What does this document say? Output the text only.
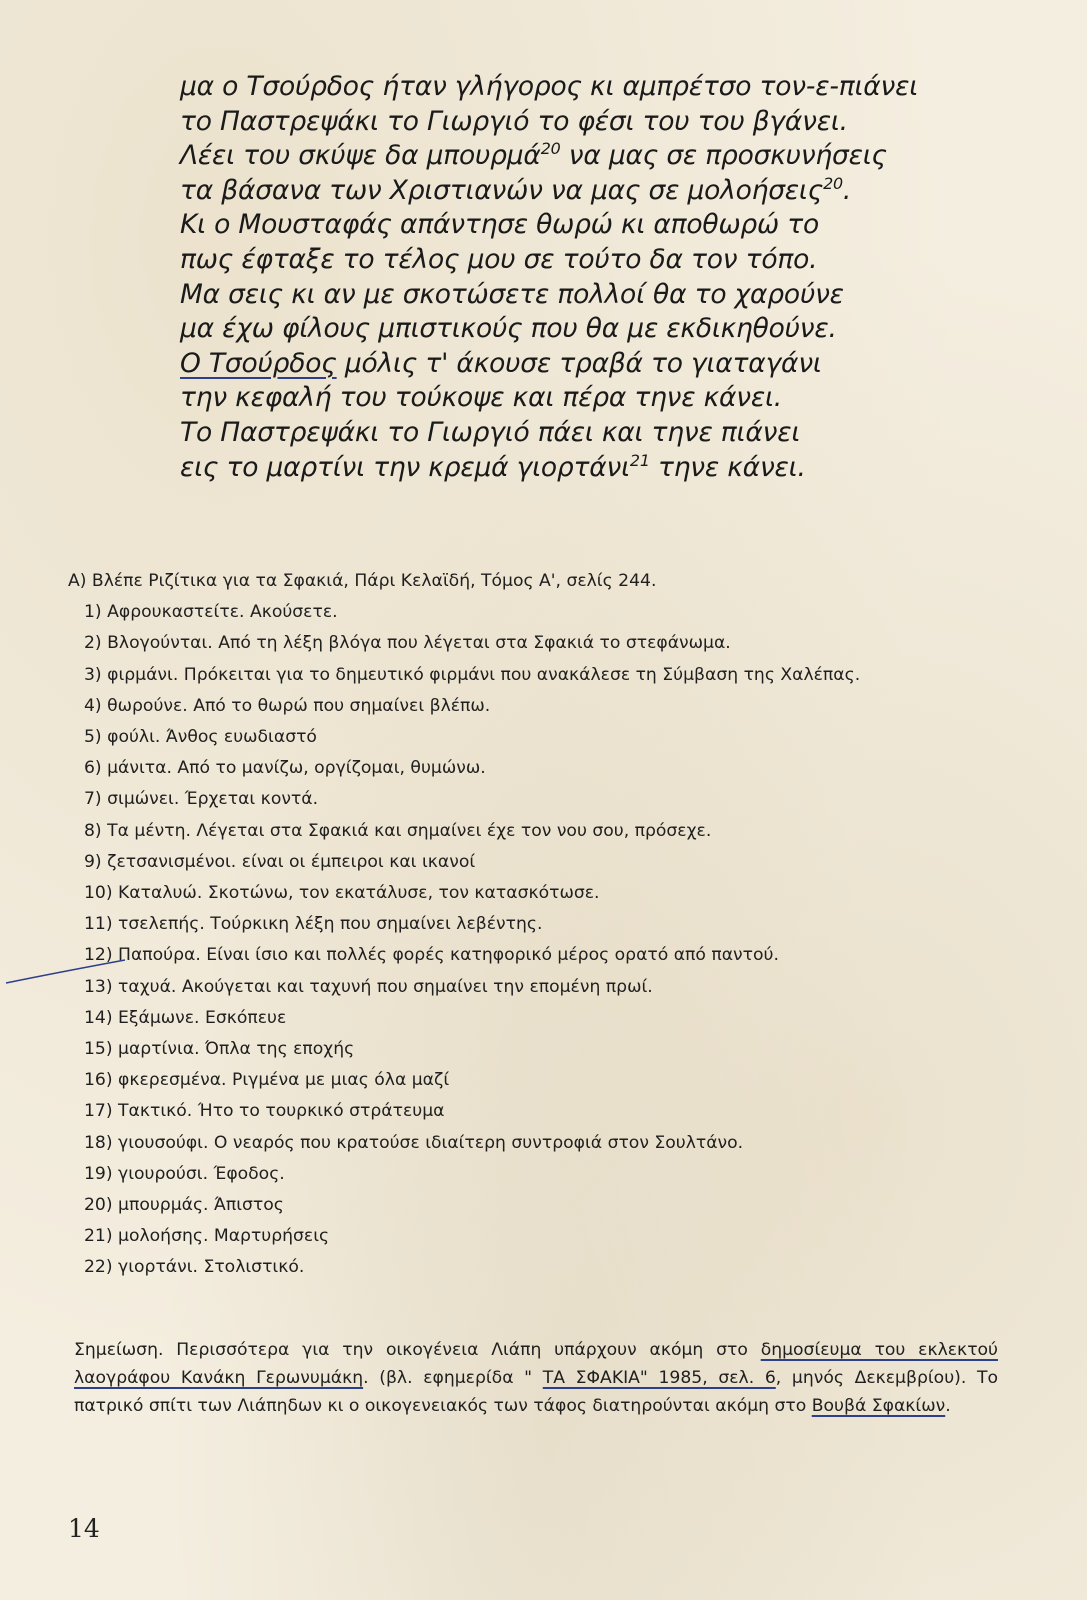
μα ο Τσούρδος ήταν γλήγορος κι αμπρέτσο τον-ε-πιάνει
το Παστρεψάκι το Γιωργιό το φέσι του του βγάνει.
Λέει του σκύψε δα μπουρμά$^{20}$ να μας σε προσκυνήσεις
τα βάσανα των Χριστιανών να μας σε μολοήσεις$^{20}$.
Κι ο Μουσταφάς απάντησε θωρώ κι αποθωρώ το
πως έφταξε το τέλος μου σε τούτο δα τον τόπο.
Μα σεις κι αν με σκοτώσετε πολλοί θα το χαρούνε
μα έχω φίλους μπιστικούς που θα με εκδικηθούνε.
Ο Τσούρδος μόλις τ' άκουσε τραβά το γιαταγάνι
την κεφαλή του τούκοψε και πέρα τηνε κάνει.
Το Παστρεψάκι το Γιωργιό πάει και τηνε πιάνει
εις το μαρτίνι την κρεμά γιορτάνι$^{21}$ τηνε κάνει.
Α) Βλέπε Ριζίτικα για τα Σφακιά, Πάρι Κελαϊδή, Τόμος Α', σελίς 244.
1) Αφρουκαστείτε. Ακούσετε.
2) Βλογούνται. Από τη λέξη βλόγα που λέγεται στα Σφακιά το στεφάνωμα.
3) φιρμάνι. Πρόκειται για το δημευτικό φιρμάνι που ανακάλεσε τη Σύμβαση της Χαλέπας.
4) θωρούνε. Από το θωρώ που σημαίνει βλέπω.
5) φούλι. Άνθος ευωδιαστό
6) μάνιτα. Από το μανίζω, οργίζομαι, θυμώνω.
7) σιμώνει. Έρχεται κοντά.
8) Τα μέντη. Λέγεται στα Σφακιά και σημαίνει έχε τον νου σου, πρόσεχε.
9) ζετσανισμένοι. είναι οι έμπειροι και ικανοί
10) Καταλυώ. Σκοτώνω, τον εκατάλυσε, τον κατασκότωσε.
11) τσελεπής. Τούρκικη λέξη που σημαίνει λεβέντης.
12) Παπούρα. Είναι ίσιο και πολλές φορές κατηφορικό μέρος ορατό από παντού.
13) ταχυά. Ακούγεται και ταχυνή που σημαίνει την επομένη πρωί.
14) Εξάμωνε. Εσκόπευε
15) μαρτίνια. Όπλα της εποχής
16) φκερεσμένα. Ριγμένα με μιας όλα μαζί
17) Τακτικό. Ήτο το τουρκικό στράτευμα
18) γιουσούφι. Ο νεαρός που κρατούσε ιδιαίτερη συντροφιά στον Σουλτάνο.
19) γιουρούσι. Έφοδος.
20) μπουρμάς. Άπιστος
21) μολοήσης. Μαρτυρήσεις
22) γιορτάνι. Στολιστικό.
Σημείωση. Περισσότερα για την οικογένεια Λιάπη υπάρχουν ακόμη στο δημοσίευμα του εκλεκτού λαογράφου Κανάκη Γερωνυμάκη. (βλ. εφημερίδα " ΤΑ ΣΦΑΚΙΑ" 1985, σελ. 6, μηνός Δεκεμβρίου). Το πατρικό σπίτι των Λιάπηδων κι ο οικογενειακός των τάφος διατηρούνται ακόμη στο Βουβά Σφακίων.
14
